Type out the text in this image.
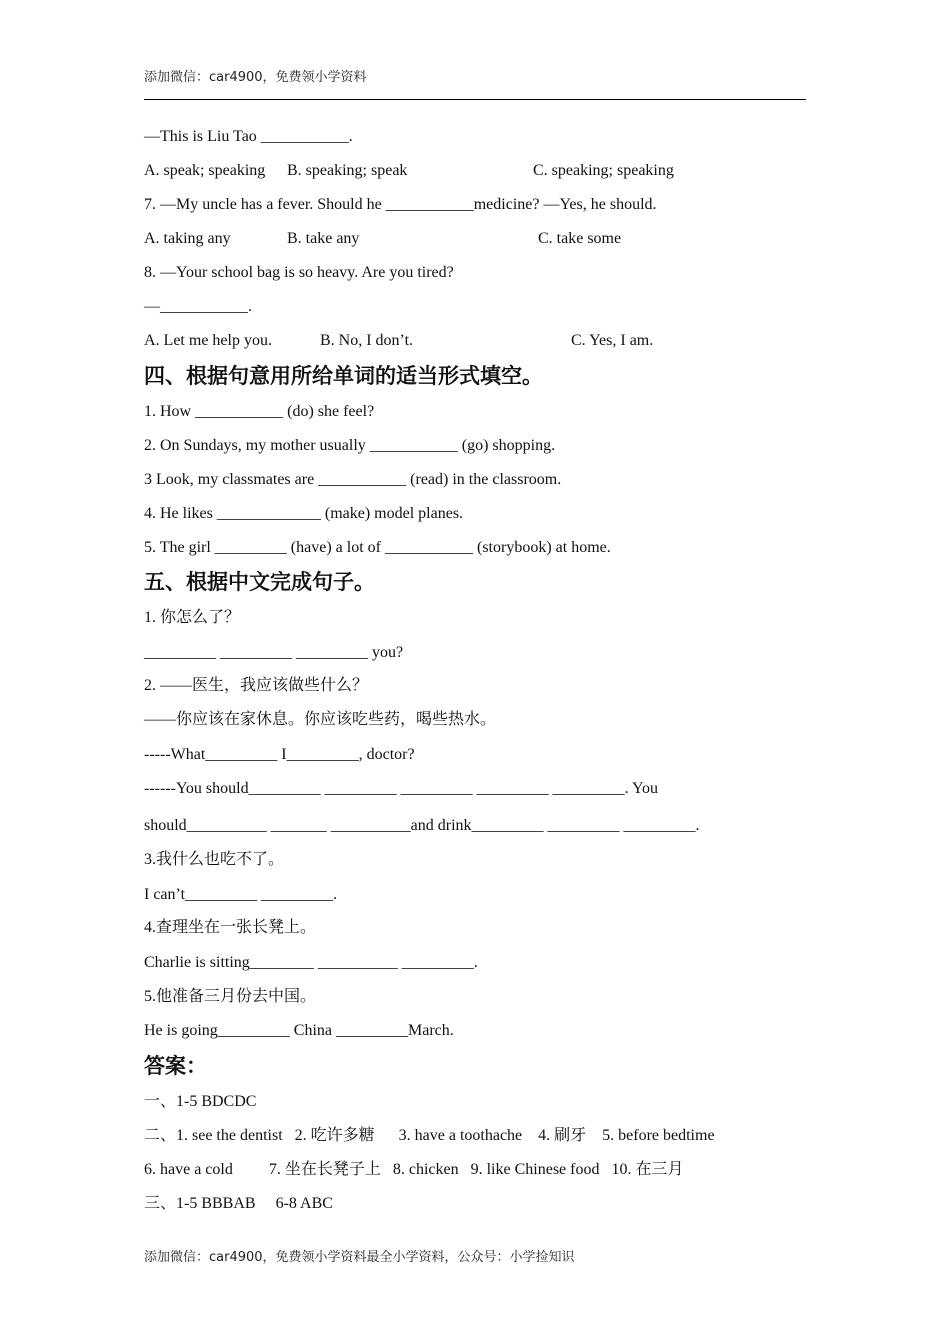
添加微信：car4900，免费领小学资料
—This is Liu Tao ___________.
A. speak; speaking B. speaking; speak	C. speaking; speaking
7. —My uncle has a fever. Should he ___________medicine? —Yes, he should.
A. taking any	B. take any	C. take some
8. —Your school bag is so heavy. Are you tired?
—___________.
A. Let me help you.	B. No, I don’t.	C. Yes, I am.
四、根据句意用所给单词的适当形式填空。
1. How ___________ (do) she feel?
2. On Sundays, my mother usually ___________ (go) shopping.
3 Look, my classmates are ___________ (read) in the classroom.
4. He likes _____________ (make) model planes.
5. The girl _________ (have) a lot of ___________ (storybook) at home.
五、根据中文完成句子。
1. 你怎么了？
_________ _________ _________ you?
2. ——医生，我应该做些什么？
——你应该在家休息。你应该吃些药，喝些热水。
-----What_________ I_________, doctor?
------You should_________ _________ _________ _________ _________. You
should__________ _______ __________and drink_________ _________ _________.
3.我什么也吃不了。
I can’t_________ _________.
4.查理坐在一张长凳上。
Charlie is sitting________ __________ _________.
5.他准备三月份去中国。
He is going_________ China _________March.
答案：
一、1-5 BDCDC
二、1. see the dentist   2. 吃许多糖      3. have a toothache    4. 刷牙    5. before bedtime
6. have a cold         7. 坐在长凳子上   8. chicken   9. like Chinese food   10. 在三月
三、1-5 BBBAB     6-8 ABC
添加微信：car4900，免费领小学资料最全小学资料，公众号：小学捡知识
